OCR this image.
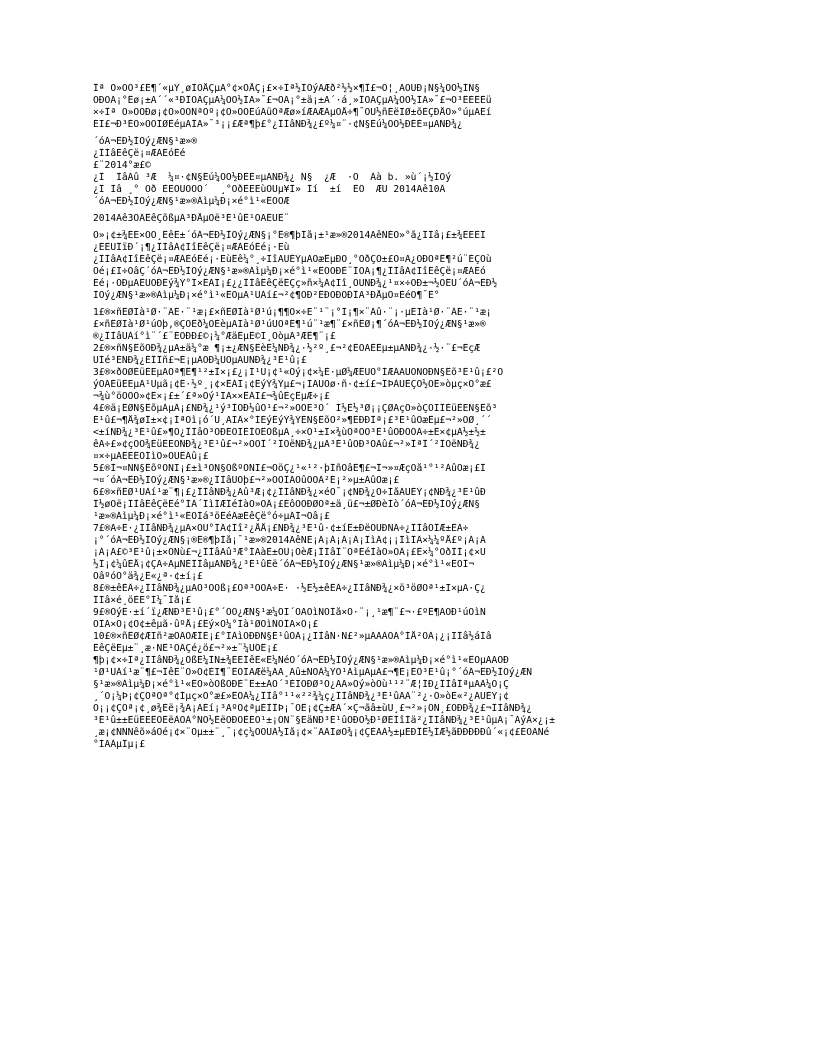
Îª Ò»ÖÖ³£É¶´«µÝ¸øÌÒÅÇµÄ°¢×ÓÅÇ¡£×÷Îª½ÌÓýÃÆð²½½×¶Î£¬Ó¦¸ÃÓÚÐ¡Ñ§¼ÓÖ½ÍÑ§
ÖÐÓÃ¡°Êø¡±Ä´´«³ÐÎÒÃÇµÄ¼ÓÖ½ÍÄ»¯£¬ÓÃ¡°±ä¡±Ä´·á¸»ÎÒÃÇµÄ¼ÓÖ½ÍÄ»¯£¬Ö³ÊÈÊÊü
×÷Îª Ò»ÖÖÐø¡¢Ò»ÖÖÑªÒº¡¢Ò»ÖÖÉúÃüÒªÆø»íÆÄÆÂµÓÅ÷¶¯ÔÚ½ñÈëÏØ±õÈÇÐÅÒ»°úµÄÉí
ÉÏ£¬Ð³ÉÓ»ÖÖÏØÈéµÄÎÄ»¯³¡¡£Æª¶þ£°¿ÎÌâÑÐ¾¿£º¼¤¨·¢Ñ§Éú¼ÓÖ½ÐÈÈ¤µÄÑÐ¾¿
´óÁ¬ÊÐ½ÌÓý¿ÆÑ§¹æ»®
¿ÎÌâÉêÇë¡¤ÆÀÉóÊé
£¨2014°æ£©
¿Î  ÌâÃû ³Æ  ¼¤·¢Ñ§Éú¼ÓÖ½ÐÈÈ¤µÄÑÐ¾¿ Ñ§  ¿Æ  ·Ö  Àà b. »ù´¡½ÌÓý
¿Î Ìâ ¸° Ôð ÈËÓÙÖÒÔ´  ¸°ÔðÈËËùÔÚµ¥Î» Ìí  ±í  ÈÕ  ÆÚ 2014Äê10Â
´óÁ¬ÊÐ½ÌÓý¿ÆÑ§¹æ»®Áìµ¼Ð¡×é°ì¹«ÊÒÖÆ
2014Äê3ÔÂÊêÇõßµÃ³ÐÅµÓë³É¹ûÊ¹ÓÃÊÚÈ¨
Ò»¡¢±¾ÈË×ÔÔ¸ÊêÊ±´óÁ¬ÊÐ½ÌÓý¿ÆÑ§¡°Ê®¶þÌå¡±¹æ»®2014ÄêÑÈÒ»°ã¿ÎÌâ¡£±¾ÈËÈÏ
¿ÉÊÙÎïÐ´¡¶¿ÎÌâÁ¢ÏîÉêÇë¡¤ÆÀÉóÊé¡·Ëù
¿ÎÌâÁ¢ÏîÉêÇë¡¤ÆÀÉóÊé¡·ËùÊê¼°¸÷ÏîÄÚÈÝµÄÕæÊµÐÔ¸°ÔðÇÒ±£Ö¤Ä¿ÓÐÖªÊ¶²ú¨ÈÇÒù
Öé¡£Ï÷ÒâÇ´óÁ¬ÊÐ½ÌÓý¿ÆÑ§¹æ»®Áìµ¼Ð¡×é°ì¹«ÊÒÒÐÈ¨ÌÓÃ¡¶¿ÎÌâÁ¢ÏîÉêÇë¡¤ÆÀÉó
Êé¡·ÖÐµÄÊÜÓÐÊý¾Ý°Í×ÊÁÏ¡£¿¿ÎÌâÊêÇëÊÇç»ñ×¼Á¢Ïî¸ÔÙÑÐ¾¿¹¤×÷ÖÐ±¬½ÓÊÜ´óÁ¬ÊÐ½
ÌÓý¿ÆÑ§¹æ»®Áìµ¼Ð¡×é°ì¹«ÊÒµÄ¹ÜÀí£¬²¢¶ÔÐ²ÊÐÖÐÓÐÎÄ³ÐÅµÖ¤ÈéÔ¶¯È°
1£®×ñÊØÏà¹Ø·¨ÂÉ·¨¹æ¡£×ñÊØÏà¹Ø¹ú¡¶¶Ó×÷Ë¨¹¨¡°Í¡¶×¨Àû·¨¡·µÈÏà¹Ø·¨ÂÉ·¨¹æ¡
£×ñÊØÏà¹Ø¹úÔþ,®ÇÓÊð¼ÓÈèµÄÏà¹Ø¹úÙÓªÊ¶¹ú¨¹æ¶¨£×ñÊØ¡¶´óÁ¬ÊÐ½ÌÓý¿ÆÑ§¹æ»®
®¿ÎÌâÜÀí°ì¨´£¨ÈÖÐÐ£©¡¼°ÆäÊµÊ©Ï¸ÔòµÄ³ÆÊ¶¨¡£
2£®×ñÑ§ÊõÖÐ¾¿µÄ±ä¼°æ ¶¡±¿ÆÑ§ÊèÊ¼ÑÐ¾¿·½²º¸£¬²¢ÉÓÃÊÊµ±µÄÑÐ¾¿·½·¨£¬ÈçÆ
ÚÍé³ÉÑÐ¾¿ÈÎÎñ£¬È¡µÃÓÐ¼ÛÖµÄÚÑÐ¾¿³É¹û¡£
3£®×ðÖØÈüÈËµÄÖª¶Ê¶¹²±Ì×¡£¿¡Ï¹Û¡¢¹«Õý¡¢×¼È·µØ¼ÆÈÜÓ°ÍÆÀÄÛÓÑÓÐÑ§Êõ³É¹û¡£²Ò
ýÓÃÈüÈËµÄ¹Ûµã¡¢Ê·½º¸¡¢×ÊÁÏ¡¢ÊýÝ¾Ýµ£¬¡ÏÃÛÒø·ñ·¢±í£¬ÎÞÀÛÈÇÖ½ÖÊ»òµç×Ó°æ£
¬¾ù°öÒÔÒ»¢Ê×¡£±´£ª»Òý¹ÏÄ××ÊÁÏ£¬¾ûÈçÊµÆ÷¡£
4£®ä¡ÊØÑ§ÊõµÀµÂ¡£ÑÐ¾¿¹ý³ÌÖÐ½ûÖ¹£¬²»ÒÔË³Ô´ Í½È½³Ø¡¡ÇØÃçÕ»òÇÖÏÎÈüÈËÑ§Êõ³
É¹û£¬¶Å¾øÎ±×¢¡ÍªÓì¡ó´Û¸ÃÏÂ×°ÍÉýÊýÝ¾ÝÈÑ§ÊõÖ²»¶ÊÐÐÎª¡£³É¹ûÕæÊµ£¬²»ÖØ¸´´
<±íÑÐ¾¿³É¹û£»¶Ô¿ÎÌâÒ³ÖÐÉÔÏÈÌÒÊÕßµÄ¸÷×Ö¹±Ï×¾ùÓªÒÔ³É¹ûÖÐÓÕÃ÷±Ê×¢µÄ½±½±
êÃ÷£»¢çÖÕ¾ÉüÈËÔÑÐ¾¿³É¹û£¬²»ÒÔÎ´²ÎÓëÑÐ¾¿µÄ³É¹ûÖÐ³ÓÃû£¬²»ÎªÎ´²ÎÓëÑÐ¾¿
¤×÷µÄÈËÊÕÍìÒ»ÔÚÊÂû¡£
5£®Í¬¤ÑÑ§ÊõºÒÑÏ¡£±ì³ÓÑ§ÕßºÒÑÏ£¬ÔöÇ¿¹«¹²·þÎñÒâÊ¶£¬Î¬»¤ÆçÒå¹°¹²ÀûÒæ¡£Î
¬¤´óÁ¬ÊÐ½ÌÓý¿ÆÑ§¹æ»®¿ÎÌâÜÒþ£¬²»ÒÔÎÃÒûÒÔÃ²É¡²»µ±ÀûÒæ¡£
6£®×ñÊØ¹ÜÀí¹æ¨¶¡£¿ÎÌâÑÐ¾¿Ãû³Æ¡¢¿ÎÌâÑÐ¾¿×éÖ¯¡¢ÑÐ¾¿Ö÷ÌåÃÛÉÝ¡¢ÑÐ¾¿³É¹ûÐ
Î½øÓë¡ÎÌâÉêÇëÊé°ÍÀ´ÎìÍÆÎéÌàÒ»ÖÂ¡£ÈôÒÔÐØÒª±ä¸ü£¬±ØÐèÌò´óÁ¬ÊÐ½ÌÓý¿ÆÑ§
¹æ»®Áìµ¼Ð¡×é°ì¹«ÊÒÌá³öÊéÃæÉêÇë°ó÷µÃÍ¬Òâ¡£
7£®Ã÷È·¿ÎÌâÑÐ¾¿µÄ×ÔÙ°ÍÁ¢Ìî²¿ÅÅ¡£ÑÐ¾¿³É¹û·¢±íÊ±ÐëÔÚÐÑÃ÷¿ÎÌâÔÎÆ±ÊÃ÷
¡°´óÁ¬ÊÐ½ÌÓý¿ÆÑ§¡®Ê®¶þÌå¡¯¹æ»®2014ÄêÑÈ¡Á¡Á¡Á¡Á¡ÎìÁ¢¡¡ÎìÎÂ×¼¼ºÅ£º¡Á¡Á
¡Á¡Á£©³É¹û¡±×ÖÑù£¬¿ÎÌâÃû³Æ°ÍÃàÈ±ÓÚ¡ÓèÆ¡ÎÌâÎ¨ÖªÈéÌàÒ»ÖÂ¡£Ê×¼°ÔðÎÌ¡¢×Ú
½Î¡¢¼ûÈÅ¡¢ÇÃ÷ÄµÑÉÎÌâµÄÑÐ¾¿³É¹ûÈë´óÁ¬ÊÐ½ÌÓý¿ÆÑ§¹æ»®Áìµ¼Ð¡×é°ì¹«ÊÒÎ¬
ÒâºóÕ°ä¾¿Ê«¿ª·¢±í¡£
8£®±êÊÂ÷¿ÎÌâÑÐ¾¿µÄÖ³ÖÖß¡£Òª³ÖÕÃ÷È· ·½È½±êÊÂ÷¿ÎÌâÑÐ¾¿×ö³öØÖª¹±Ï×µÄ·Ç¿
ÎÌâ×é¸öÈË°Í¼¯Ìå¡£
9£®ÕýÈ·±í´ï¿ÆÑÐ³É¹û¡£°´ÕÕ¿ÆÑ§¹æ¼ÓÏ´ÓÃÓìÑÔÌå×Ö·¨¡¸¹æ¶¨£¬·£ºÊ¶ÃÓÐ¹úÓìÑ
ÔÎÄ×Ö¡¢Ö¢±êµã·ûºÅ¡£Êý×Ö¼°Ïà¹ØÓìÑÔÎÄ×Ö¡£
10£®×ñÊØ¢ÆÏñ²æÕÃÓÆÎÈ¡£°ÏÀìÓÐÐÑ§É¹ûÓÃ¡¿ÏÌâÑ·Ñ£²»µÃÃÀÓÃ°ÍÅ²ÓÃ¡¿¡ÏÌâ½áÌâ
ÊêÇëÊµ±¨¸æ·ÑÊ¹ÓÃÇé¿ö£¬²»±¨¼ÙÕÊ¡£
¶þ¡¢×÷Îª¿ÎÌâÑÐ¾¿ÕßÈ¼ÍÑ±¾ÈËÍêÈ«Ê¼ÑéÖ´óÁ¬ÊÐ½ÌÓý¿ÆÑ§¹æ»®Áìµ¼Ð¡×é°ì¹«ÊÒµÄÄÔÐ
¹Ø¹ÜÀí¹æ¨¶£¬ÎêÈ¨Ò»Ó¢ÈÏ¶¨ÊÔÏÄÆë¼ÄÄ¸Ãû±ÑÖÂ¼ÝÖ¹ÀìµÄµÄ£¬¶È¡ÈÕ³É¹û¡°´óÁ¬ÊÐ½ÌÓý¿ÆÑ
§¹æ»®Áìµ¼Ð¡×é°ì¹«ÊÒ»òÕßÓÐÈ¨Ê±±ÃÔ´³ÈÏÓÐØ³Ö¿ÃÃ»Òý»òÕù¹¹²¨Æ¦ÍÐ¿ÎÌâÎªµÄÃ¼Ò¡Ç
¸´Ó¡¼Þ¡¢ÇÕªÒª°¢Íµç×Ó°æ£»ÊÕÂ¼¿ÎÌâ°¹¹«²²¾¼ç¿ÎÌâÑÐ¾¿³É¹ûÃÃ¨²¿·Ö»òÈ«²¿ÄÚÈÝ¡¢
Ó¡¡¢ÇÕª¡¢¸ø¾Èë¡¾Ã¡ÄÈí¡³ÄºÓ¢ªµÈÌÎÞ¡¯ÖÊ¡¢Ç±ÆÁ´×Ç¬ãâ±ùÚ¸£¬²»¡ÕÑ¸£ÓÐÐ¾¿£¬ÎÌâÑÐ¾¿
³É¹û±±ÈüÈËÊÕÈëÀÔÀ°ÑÖ½ÈëÖÐÓÈÈÖ¹±¡ÔÑ¨§ËäÑÐ³É¹ûÓÐÖ½Ð¹ØÈÍîÌä²¿ÎÌâÑÐ¾¿³É¹ûµÄ¡¯ÁýÄ×¿¡±
¸æ¡¢ÑÑÑêõ»áÒé¡¢×¨Òµ±±¨¸¯¡¢ç¼ÓÓÙÁ½Ïå¡¢×¨ÃÃÏøÓ¾¡¢ÇÈÃÀ½±µÈÐÎÊ½ÍÆ½ãÐÐÐÐÐû´«¡¢£ÉÖÃÑé
°ÍÃÀµÎµ¡£
